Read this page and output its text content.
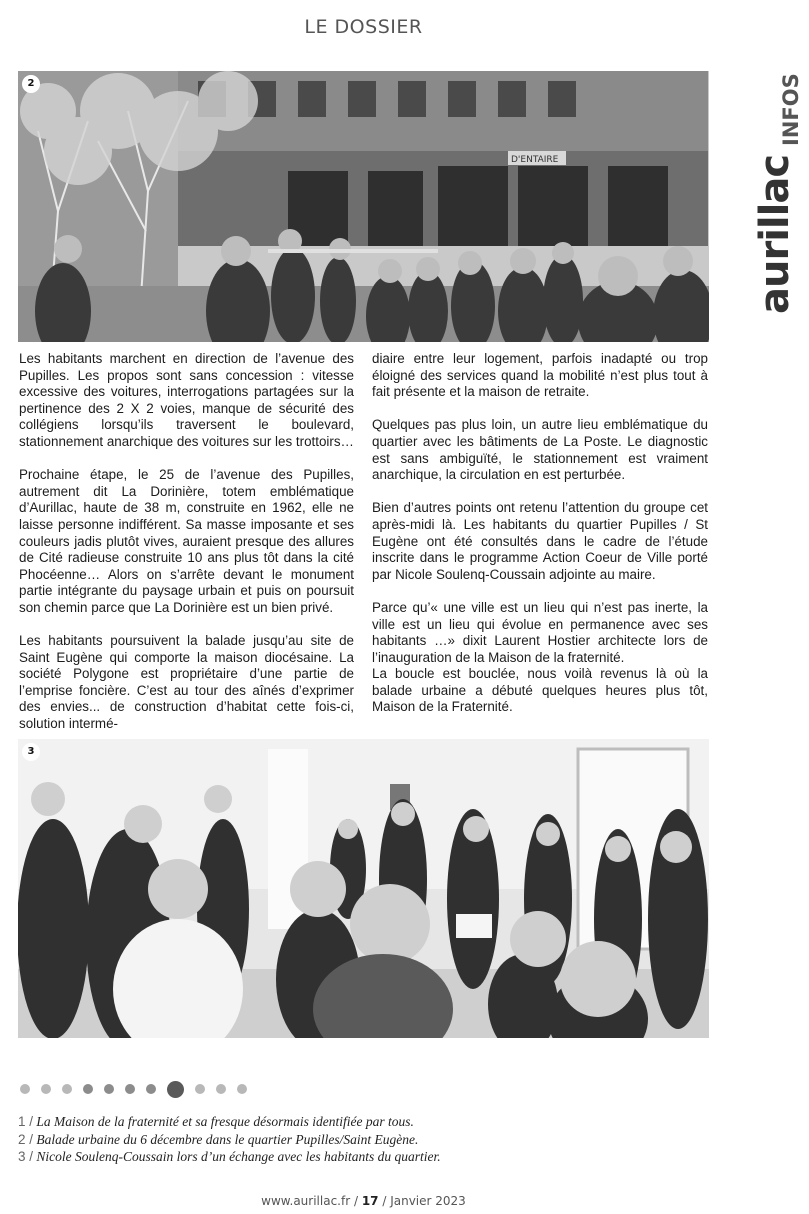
LE DOSSIER
aurillac
INFOS
D'ENTAIRE
2

Les habitants marchent en direction de l’avenue des Pupilles. Les propos sont sans concession : vitesse excessive des voitures, interrogations partagées sur la pertinence des 2 X 2 voies, manque de sécurité des collégiens lorsqu’ils traversent le boulevard, stationnement anarchique des voitures sur les trottoirs…

Prochaine étape, le 25 de l’avenue des Pupilles, autrement dit La Dorinière, totem emblématique d’Aurillac, haute de 38 m, construite en 1962, elle ne laisse personne indifférent. Sa masse imposante et ses couleurs jadis plutôt vives, auraient presque des allures de Cité radieuse construite 10 ans plus tôt dans la cité Phocéenne… Alors on s’arrête devant le monument partie intégrante du paysage urbain et puis on poursuit son chemin parce que La Dorinière est un bien privé.

Les habitants poursuivent la balade jusqu’au site de Saint Eugène qui comporte la maison diocésaine. La société Polygone est propriétaire d’une partie de l’emprise foncière. C’est au tour des aînés d’exprimer des envies... de construction d’habitat cette fois-ci, solution intermé-

diaire entre leur logement, parfois inadapté ou trop éloigné des services quand la mobilité n’est plus tout à fait présente et la maison de retraite.

Quelques pas plus loin, un autre lieu emblématique du quartier avec les bâtiments de La Poste. Le diagnostic est sans ambiguïté, le stationnement est vraiment anarchique, la circulation en est perturbée.

Bien d’autres points ont retenu l’attention du groupe cet après-midi là. Les habitants du quartier Pupilles / St Eugène ont été consultés dans le cadre de l’étude inscrite dans le programme Action Coeur de Ville porté par Nicole Soulenq-Coussain adjointe au maire.

Parce qu’« une ville est un lieu qui n’est pas inerte, la ville est un lieu qui évolue en permanence avec ses habitants …» dixit Laurent Hostier architecte lors de l’inauguration de la Maison de la fraternité.

La boucle est bouclée, nous voilà revenus là où la balade urbaine a débuté quelques heures plus tôt, Maison de la Fraternité.

3
1 / La Maison de la fraternité et sa fresque désormais identifiée par tous.
2 / Balade urbaine du 6 décembre dans le quartier Pupilles/Saint Eugène.
3 / Nicole Soulenq-Coussain lors d’un échange avec les habitants du quartier.
www.aurillac.fr / 17 / Janvier 2023
